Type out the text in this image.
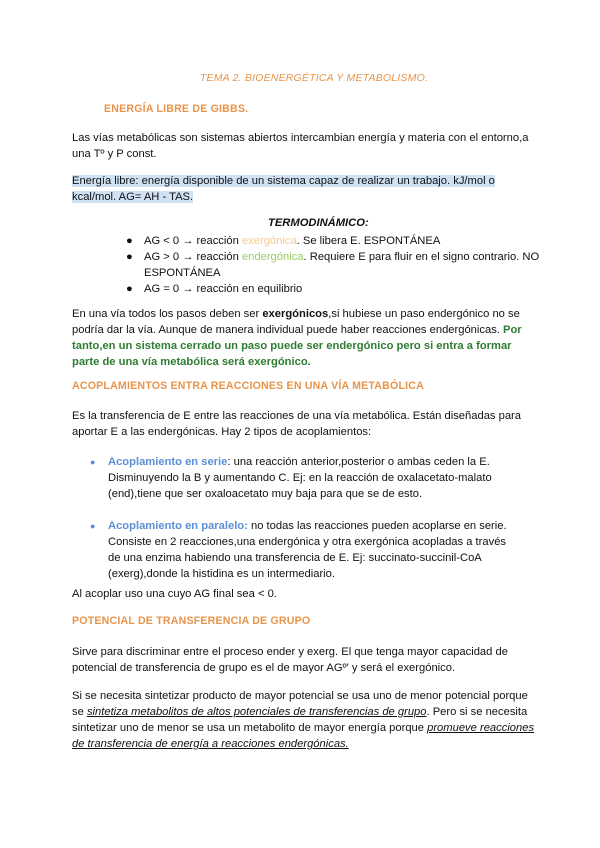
TEMA 2. BIOENERGÉTICA Y METABOLISMO.
ENERGÍA LIBRE DE GIBBS.
Las vías metabólicas son sistemas abiertos intercambian energía y materia con el entorno,a una Tº y P const.
Energía libre: energía disponible de un sistema capaz de realizar un trabajo. kJ/mol o kcal/mol. AG= AH - TAS.
TERMODINÁMICO:
● AG < 0 → reacción exergónica. Se libera E. ESPONTÁNEA
● AG > 0 → reacción endergónica. Requiere E para fluir en el signo contrario. NO ESPONTÁNEA
● AG = 0 → reacción en equilibrio
En una vía todos los pasos deben ser exergónicos,si hubiese un paso endergónico no se podría dar la vía. Aunque de manera individual puede haber reacciones endergónicas. Por tanto,en un sistema cerrado un paso puede ser endergónico pero si entra a formar parte de una vía metabólica será exergónico.
ACOPLAMIENTOS ENTRA REACCIONES EN UNA VÍA METABÓLICA
Es la transferencia de E entre las reacciones de una vía metabólica. Están diseñadas para aportar E a las endergónicas. Hay 2 tipos de acoplamientos:
● Acoplamiento en serie: una reacción anterior,posterior o ambas ceden la E. Disminuyendo la B y aumentando C. Ej: en la reacción de oxalacetato-malato (end),tiene que ser oxaloacetato muy baja para que se de esto.
● Acoplamiento en paralelo: no todas las reacciones pueden acoplarse en serie. Consiste en 2 reacciones,una endergónica y otra exergónica acopladas a través de una enzima habiendo una transferencia de E. Ej: succinato-succinil-CoA (exerg),donde la histidina es un intermediario.
Al acoplar uso una cuyo AG final sea < 0.
POTENCIAL DE TRANSFERENCIA DE GRUPO
Sirve para discriminar entre el proceso ender y exerg. El que tenga mayor capacidad de potencial de transferencia de grupo es el de mayor AGº' y será el exergónico.
Si se necesita sintetizar producto de mayor potencial se usa uno de menor potencial porque se sintetiza metabolitos de altos potenciales de transferencias de grupo. Pero si se necesita sintetizar uno de menor se usa un metabolito de mayor energía porque promueve reacciones de transferencia de energía a reacciones endergónicas.
